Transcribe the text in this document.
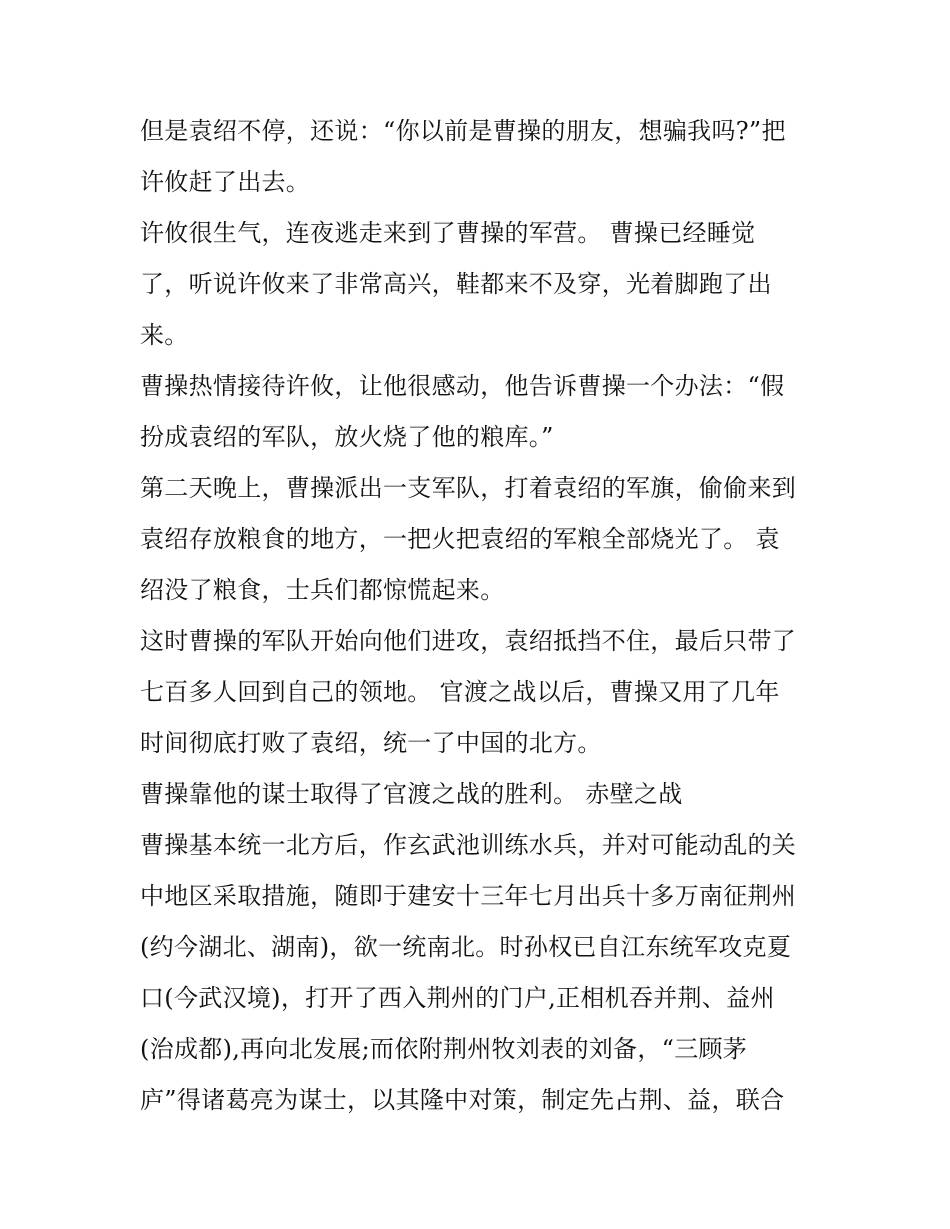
但是袁绍不停，还说：“你以前是曹操的朋友，想骗我吗?”把
许攸赶了出去。
许攸很生气，连夜逃走来到了曹操的军营。 曹操已经睡觉
了，听说许攸来了非常高兴，鞋都来不及穿，光着脚跑了出
来。
曹操热情接待许攸，让他很感动，他告诉曹操一个办法：“假
扮成袁绍的军队，放火烧了他的粮库。”
第二天晚上，曹操派出一支军队，打着袁绍的军旗，偷偷来到
袁绍存放粮食的地方，一把火把袁绍的军粮全部烧光了。 袁
绍没了粮食，士兵们都惊慌起来。
这时曹操的军队开始向他们进攻，袁绍抵挡不住，最后只带了
七百多人回到自己的领地。 官渡之战以后，曹操又用了几年
时间彻底打败了袁绍，统一了中国的北方。
曹操靠他的谋士取得了官渡之战的胜利。 赤壁之战
曹操基本统一北方后，作玄武池训练水兵，并对可能动乱的关
中地区采取措施，随即于建安十三年七月出兵十多万南征荆州
(约今湖北、湖南)，欲一统南北。时孙权已自江东统军攻克夏
口(今武汉境)，打开了西入荆州的门户,正相机吞并荆、益州
(治成都),再向北发展;而依附荆州牧刘表的刘备，“三顾茅
庐”得诸葛亮为谋士，以其隆中对策，制定先占荆、益，联合
